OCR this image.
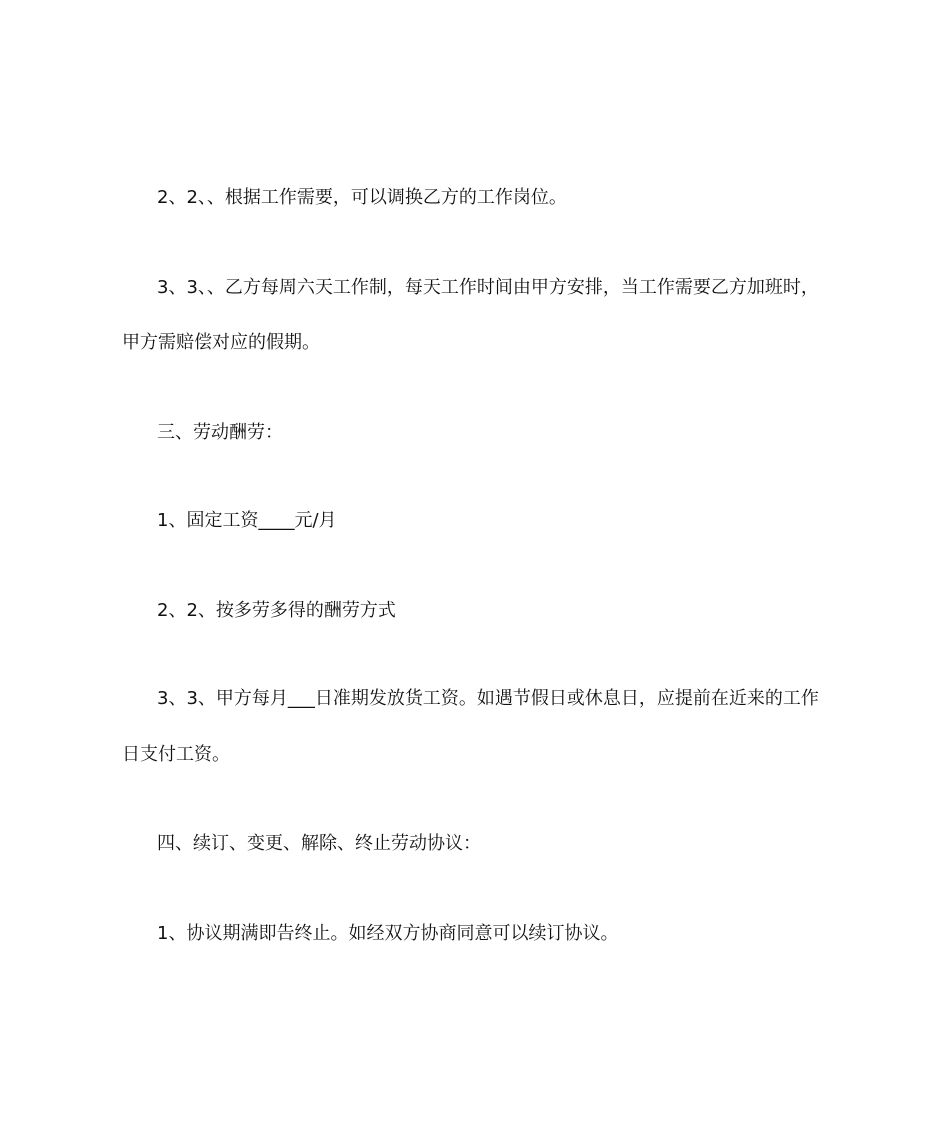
2、2、、根据工作需要，可以调换乙方的工作岗位。
3、3、、乙方每周六天工作制，每天工作时间由甲方安排，当工作需要乙方加班时，
甲方需赔偿对应的假期。
三、劳动酬劳：
1、固定工资____元/月
2、2、按多劳多得的酬劳方式
3、3、甲方每月___日准期发放货工资。如遇节假日或休息日，应提前在近来的工作
日支付工资。
四、续订、变更、解除、终止劳动协议：
1、协议期满即告终止。如经双方协商同意可以续订协议。
